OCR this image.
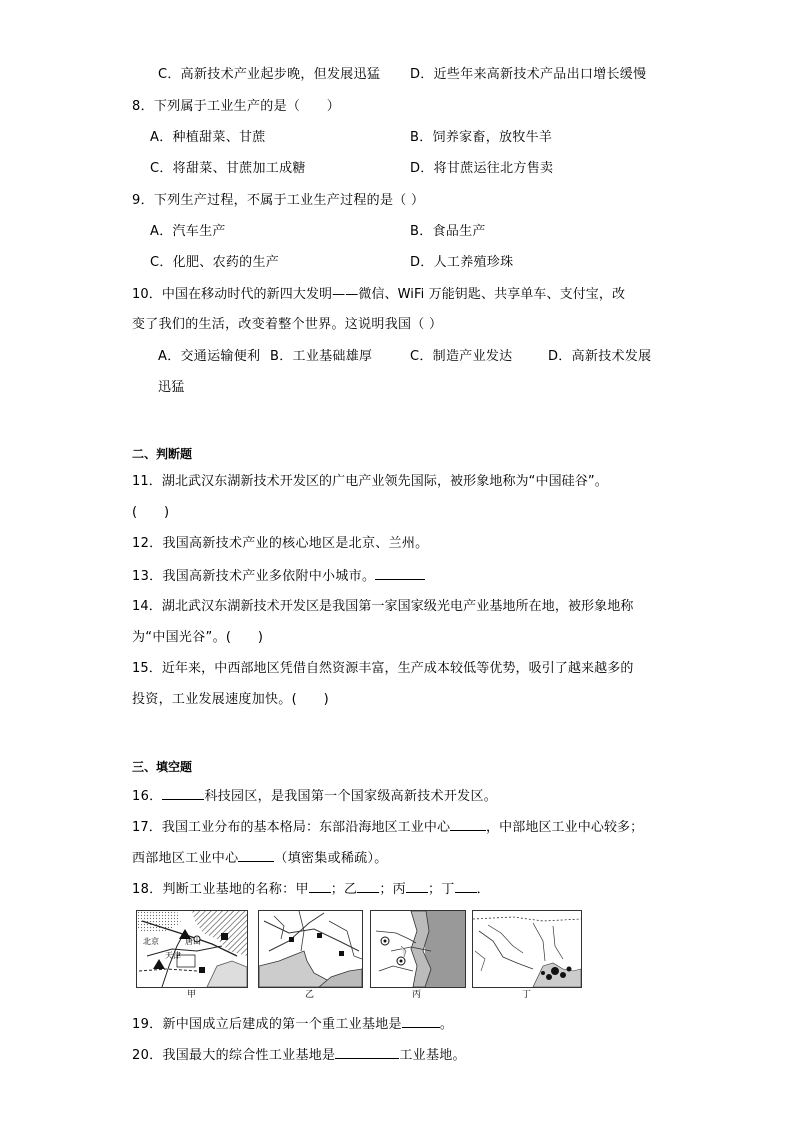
C．高新技术产业起步晚，但发展迅猛 D．近些年来高新技术产品出口增长缓慢
8．下列属于工业生产的是（　　）
A．种植甜菜、甘蔗	B．饲养家畜，放牧牛羊
C．将甜菜、甘蔗加工成糖	D．将甘蔗运往北方售卖
9．下列生产过程，不属于工业生产过程的是（ ）
A．汽车生产	B．食品生产
C．化肥、农药的生产	D．人工养殖珍珠
10．中国在移动时代的新四大发明——微信、WiFi 万能钥匙、共享单车、支付宝，改
变了我们的生活，改变着整个世界。这说明我国（ ）
A．交通运输便利 B．工业基础雄厚	C．制造产业发达	D．高新技术发展
迅猛
二、判断题
11．湖北武汉东湖新技术开发区的广电产业领先国际，被形象地称为“中国硅谷”。
(　　)
12．我国高新技术产业的核心地区是北京、兰州。
13．我国高新技术产业多依附中小城市。
14．湖北武汉东湖新技术开发区是我国第一家国家级光电产业基地所在地，被形象地称
为“中国光谷”。(　　)
15．近年来，中西部地区凭借自然资源丰富，生产成本较低等优势，吸引了越来越多的
投资，工业发展速度加快。(　　)
三、填空题
16．	科技园区，是我国第一个国家级高新技术开发区。
17．我国工业分布的基本格局：东部沿海地区工业中心	，中部地区工业中心较多；
西部地区工业中心	（填密集或稀疏）。
18．判断工业基地的名称：甲 ；乙 ；丙 ；丁 ．
北京	唐山
天津
甲	乙	丙	丁
19．新中国成立后建成的第一个重工业基地是	。
20．我国最大的综合性工业基地是	工业基地。
